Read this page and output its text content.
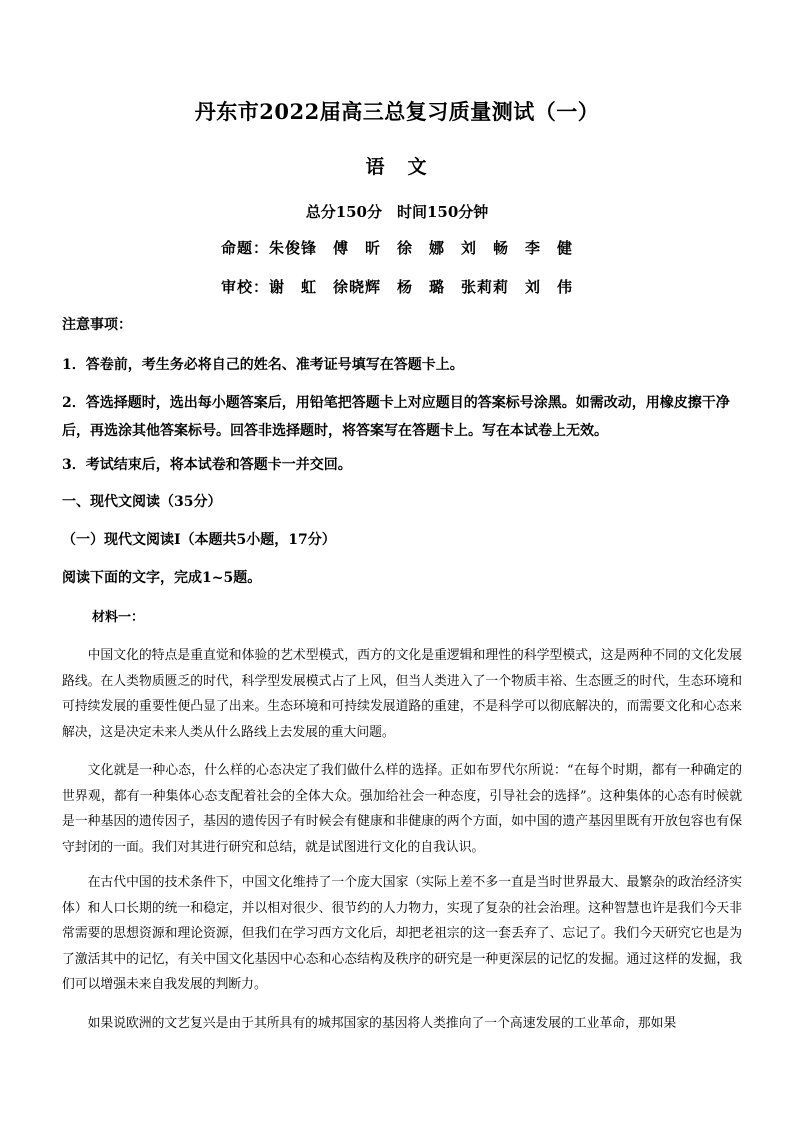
丹东市2022届高三总复习质量测试（一）
语　文
总分150分　时间150分钟
命题：朱俊锋　傅　昕　徐　娜　刘　畅　李　健
审校：谢　虹　徐晓辉　杨　璐　张莉莉　刘　伟
注意事项：
1．答卷前，考生务必将自己的姓名、准考证号填写在答题卡上。
2．答选择题时，选出每小题答案后，用铅笔把答题卡上对应题目的答案标号涂黑。如需改动，用橡皮擦干净后，再选涂其他答案标号。回答非选择题时，将答案写在答题卡上。写在本试卷上无效。
3．考试结束后，将本试卷和答题卡一并交回。
一、现代文阅读（35分）
（一）现代文阅读Ⅰ（本题共5小题，17分）
阅读下面的文字，完成1~5题。
材料一：

中国文化的特点是重直觉和体验的艺术型模式，西方的文化是重逻辑和理性的科学型模式，这是两种不同的文化发展路线。在人类物质匮乏的时代，科学型发展模式占了上风，但当人类进入了一个物质丰裕、生态匮乏的时代，生态环境和可持续发展的重要性便凸显了出来。生态环境和可持续发展道路的重建，不是科学可以彻底解决的，而需要文化和心态来解决，这是决定未来人类从什么路线上去发展的重大问题。

文化就是一种心态，什么样的心态决定了我们做什么样的选择。正如布罗代尔所说：“在每个时期，都有一种确定的世界观，都有一种集体心态支配着社会的全体大众。强加给社会一种态度，引导社会的选择”。这种集体的心态有时候就是一种基因的遗传因子，基因的遗传因子有时候会有健康和非健康的两个方面，如中国的遗产基因里既有开放包容也有保守封闭的一面。我们对其进行研究和总结，就是试图进行文化的自我认识。

在古代中国的技术条件下，中国文化维持了一个庞大国家（实际上差不多一直是当时世界最大、最繁杂的政治经济实体）和人口长期的统一和稳定，并以相对很少、很节约的人力物力，实现了复杂的社会治理。这种智慧也许是我们今天非常需要的思想资源和理论资源，但我们在学习西方文化后，却把老祖宗的这一套丢弃了、忘记了。我们今天研究它也是为了激活其中的记忆，有关中国文化基因中心态和心态结构及秩序的研究是一种更深层的记忆的发掘。通过这样的发掘，我们可以增强未来自我发展的判断力。

如果说欧洲的文艺复兴是由于其所具有的城邦国家的基因将人类推向了一个高速发展的工业革命，那如果
